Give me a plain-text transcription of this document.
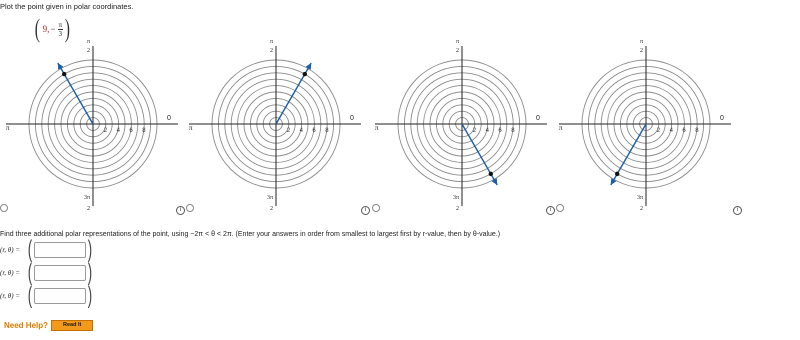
Plot the point given in polar coordinates.
( 9, − $\frac{\pi}{3}$ )
2 4 6 8
0
π
π
2
3π
2
2 4 6 8
0
π
π
2
3π
2
2 4 6 8
0
π
π
2
3π
2
2 4 6 8
0
π
π
2
3π
2
Find three additional polar representations of the point, using −2π < θ < 2π. (Enter your answers in order from smallest to largest first by r-value, then by θ-value.)
(r, θ) = ( )
(r, θ) = ( )
(r, θ) = ( )
Need Help?	Read It
i	i	i	i
